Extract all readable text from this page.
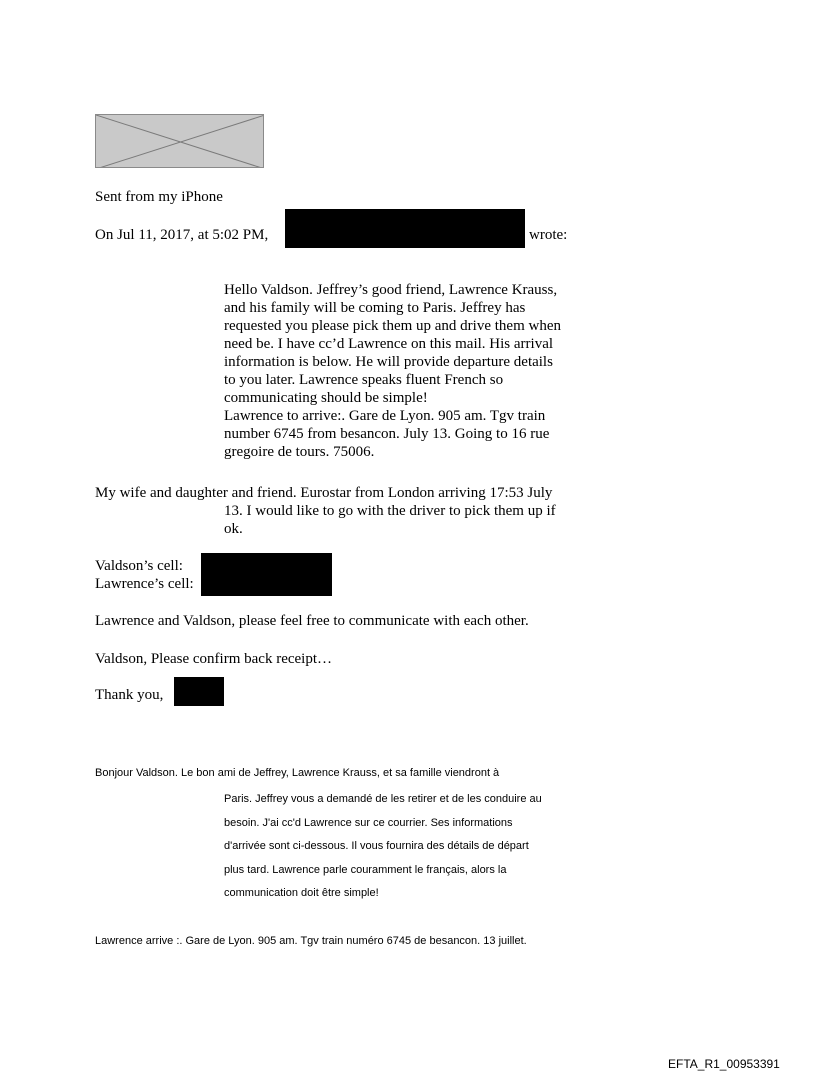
Sent from my iPhone
On Jul 11, 2017, at 5:02 PM,	wrote:
Hello Valdson. Jeffrey’s good friend, Lawrence Krauss,
and his family will be coming to Paris. Jeffrey has
requested you please pick them up and drive them when
need be. I have cc’d Lawrence on this mail. His arrival
information is below. He will provide departure details
to you later. Lawrence speaks fluent French so
communicating should be simple!
Lawrence to arrive:. Gare de Lyon. 905 am. Tgv train
number 6745 from besancon. July 13. Going to 16 rue
gregoire de tours. 75006.
My wife and daughter and friend. Eurostar from London arriving 17:53 July
13. I would like to go with the driver to pick them up if
ok.
Valdson’s cell:
Lawrence’s cell:
Lawrence and Valdson, please feel free to communicate with each other.
Valdson, Please confirm back receipt…
Thank you,
Bonjour Valdson. Le bon ami de Jeffrey, Lawrence Krauss, et sa famille viendront à
Paris. Jeffrey vous a demandé de les retirer et de les conduire au
besoin. J'ai cc'd Lawrence sur ce courrier. Ses informations
d'arrivée sont ci-dessous. Il vous fournira des détails de départ
plus tard. Lawrence parle couramment le français, alors la
communication doit être simple!
Lawrence arrive :. Gare de Lyon. 905 am. Tgv train numéro 6745 de besancon. 13 juillet.
EFTA_R1_00953391
